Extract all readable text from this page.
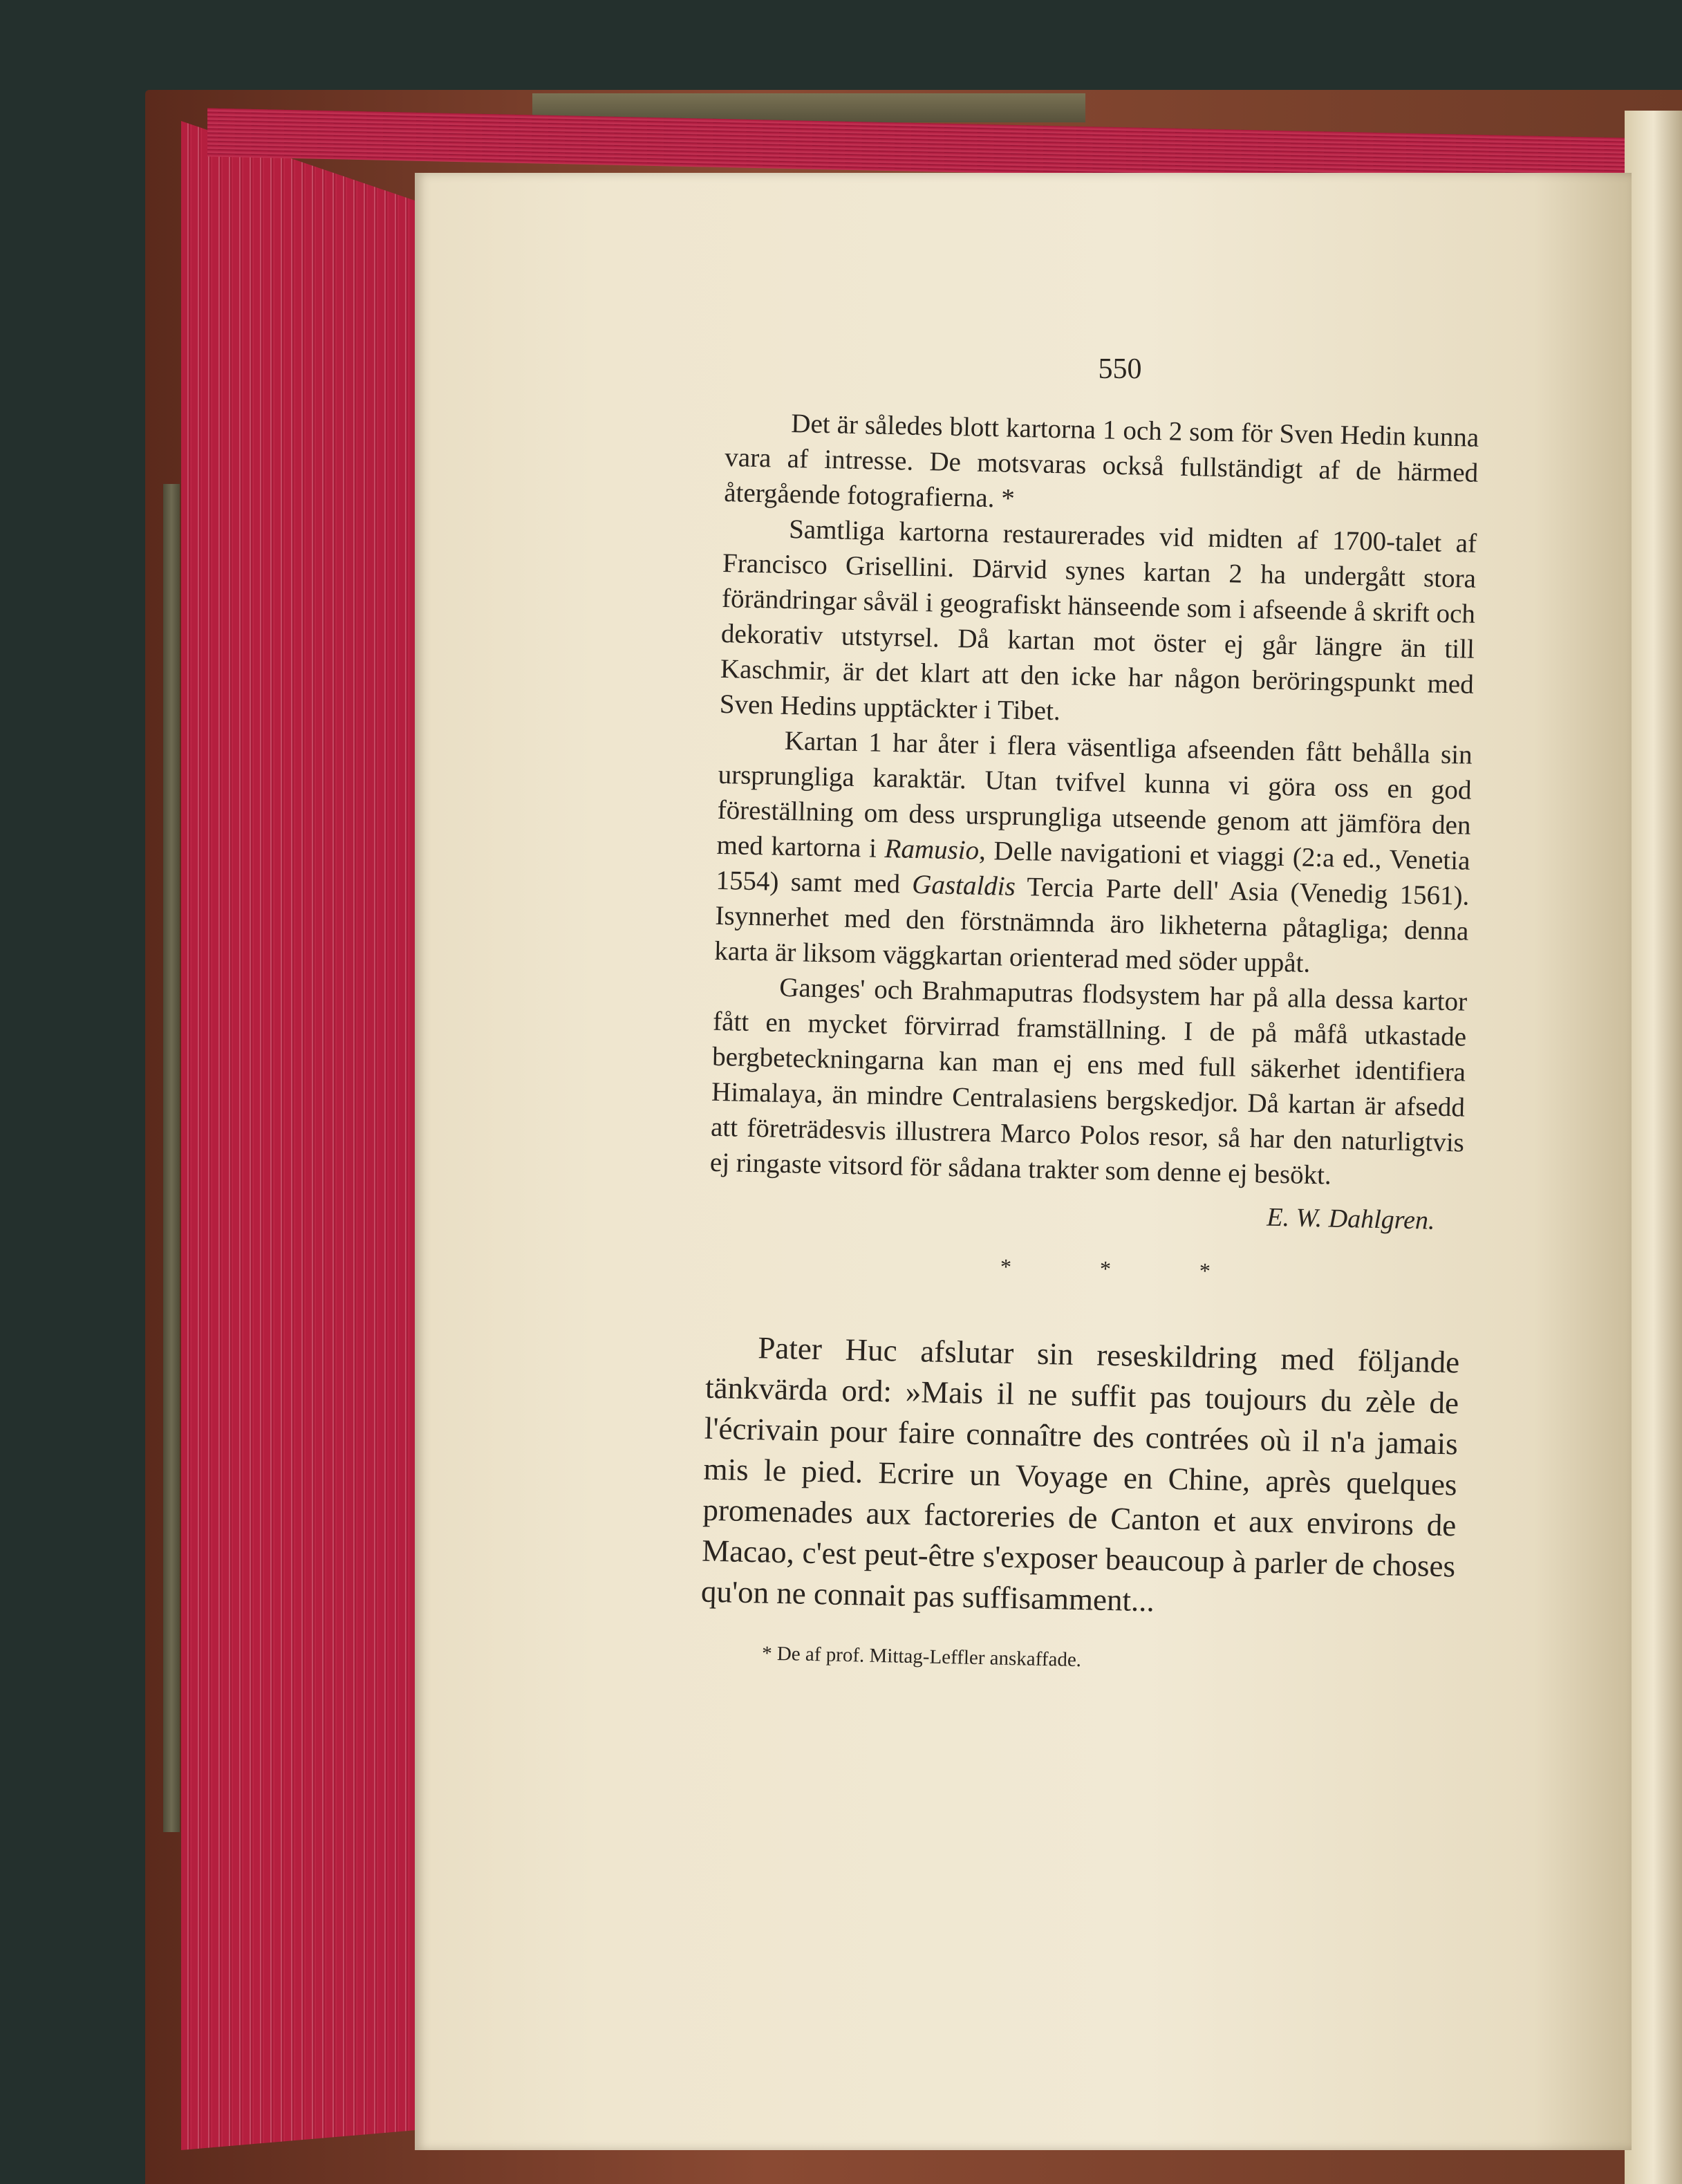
550

Det är således blott kartorna 1 och 2 som för Sven Hedin kunna vara af intresse. De motsvaras också fullständigt af de härmed återgående fotografierna. *

Samtliga kartorna restaurerades vid midten af 1700-talet af Francisco Grisellini. Därvid synes kartan 2 ha undergått stora förändringar såväl i geografiskt hänseende som i afseende å skrift och dekorativ utstyrsel. Då kartan mot öster ej går längre än till Kaschmir, är det klart att den icke har någon beröringspunkt med Sven Hedins upptäckter i Tibet.

Kartan 1 har åter i flera väsentliga afseenden fått behålla sin ursprungliga karaktär. Utan tvifvel kunna vi göra oss en god föreställning om dess ursprungliga utseende genom att jämföra den med kartorna i Ramusio, Delle navigationi et viaggi (2:a ed., Venetia 1554) samt med Gastaldis Tercia Parte dell' Asia (Venedig 1561). Isynnerhet med den förstnämnda äro likheterna påtagliga; denna karta är liksom väggkartan orienterad med söder uppåt.

Ganges' och Brahmaputras flodsystem har på alla dessa kartor fått en mycket förvirrad framställning. I de på måfå utkastade bergbeteckningarna kan man ej ens med full säkerhet identifiera Himalaya, än mindre Centralasiens bergskedjor. Då kartan är afsedd att företrädesvis illustrera Marco Polos resor, så har den naturligtvis ej ringaste vitsord för sådana trakter som denne ej besökt.

E. W. Dahlgren.
* * *

Pater Huc afslutar sin reseskildring med följande tänkvärda ord: »Mais il ne suffit pas toujours du zèle de l'écrivain pour faire connaître des contrées où il n'a jamais mis le pied. Ecrire un Voyage en Chine, après quelques promenades aux factoreries de Canton et aux environs de Macao, c'est peut-être s'exposer beaucoup à parler de choses qu'on ne connait pas suffisamment...

* De af prof. Mittag-Leffler anskaffade.
